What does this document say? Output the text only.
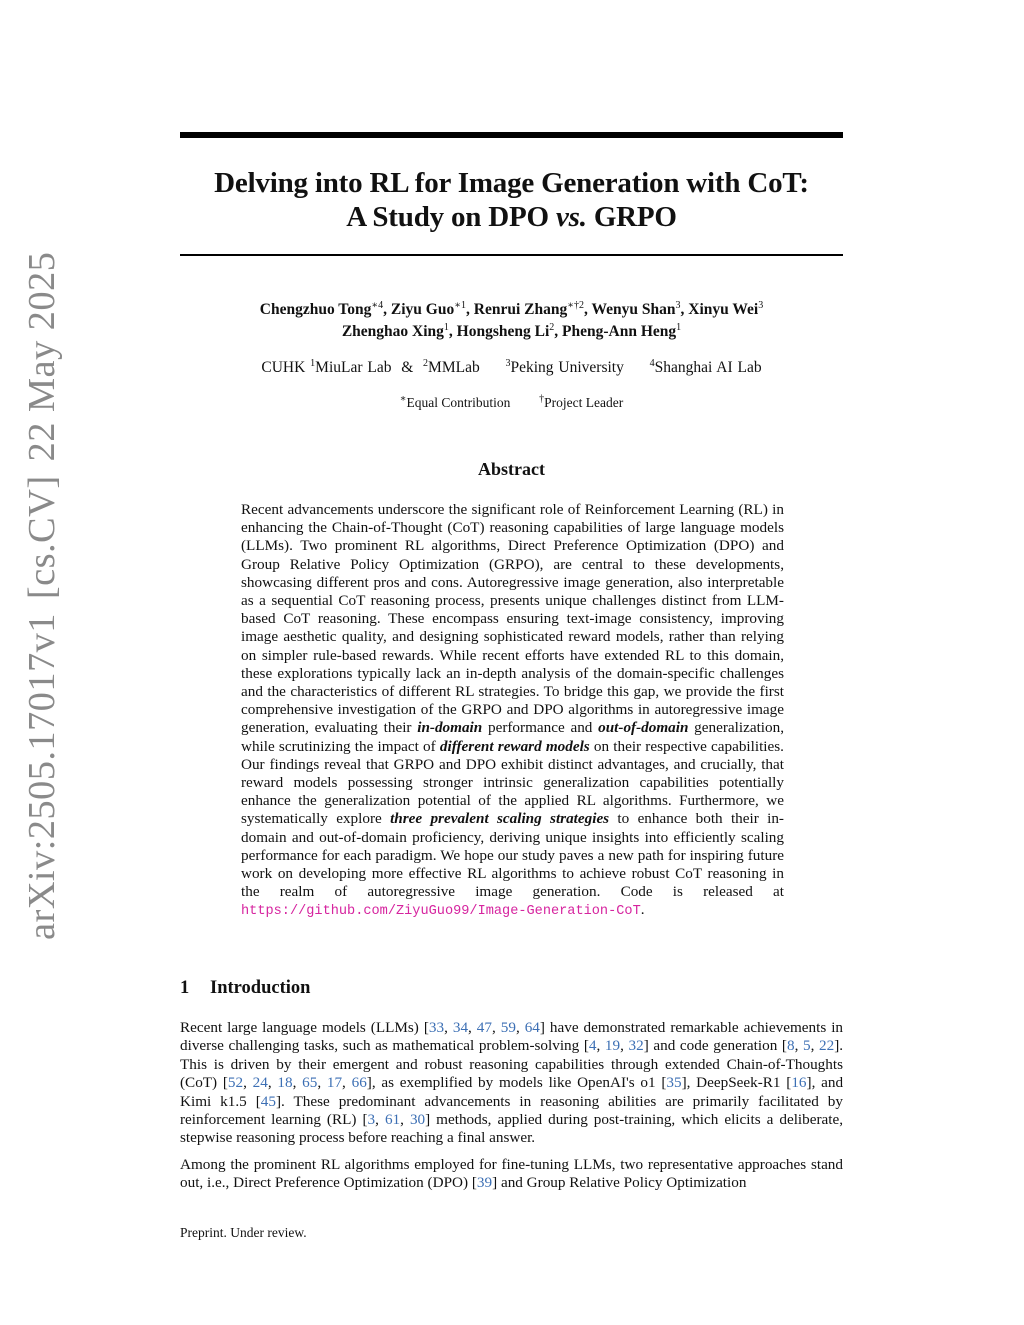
arXiv:2505.17017v1[cs.CV]22 May 2025
Delving into RL for Image Generation with CoT:
A Study on DPO vs. GRPO
Chengzhuo Tong$^{∗4}$, Ziyu Guo$^{∗1}$, Renrui Zhang$^{∗\dagger 2}$, Wenyu Shan$^3$, Xinyu Wei$^3$
Zhenghao Xing$^1$, Hongsheng Li$^2$, Pheng-Ann Heng$^1$
CUHK $^1$MiuLar Lab & $^2$MMLab	$^3$Peking University	$^4$Shanghai AI Lab
∗Equal Contribution	†Project Leader
Abstract
Recent advancements underscore the significant role of Reinforcement Learning (RL) in enhancing the Chain-of-Thought (CoT) reasoning capabilities of large language models (LLMs). Two prominent RL algorithms, Direct Preference Optimization (DPO) and Group Relative Policy Optimization (GRPO), are central to these developments, showcasing different pros and cons. Autoregressive image generation, also interpretable as a sequential CoT reasoning process, presents unique challenges distinct from LLM-based CoT reasoning. These encompass ensuring text-image consistency, improving image aesthetic quality, and designing sophisticated reward models, rather than relying on simpler rule-based rewards. While recent efforts have extended RL to this domain, these explorations typically lack an in-depth analysis of the domain-specific challenges and the characteristics of different RL strategies. To bridge this gap, we provide the first comprehensive investigation of the GRPO and DPO algorithms in autoregressive image generation, evaluating their in-domain performance and out-of-domain generalization, while scrutinizing the impact of different reward models on their respective capabilities. Our findings reveal that GRPO and DPO exhibit distinct advantages, and crucially, that reward models possessing stronger intrinsic generalization capabilities potentially enhance the generalization potential of the applied RL algorithms. Furthermore, we systematically explore three prevalent scaling strategies to enhance both their in-domain and out-of-domain proficiency, deriving unique insights into efficiently scaling performance for each paradigm. We hope our study paves a new path for inspiring future work on developing more effective RL algorithms to achieve robust CoT reasoning in the realm of autoregressive image generation. Code is released at https://github.com/ZiyuGuo99/Image-Generation-CoT.
1 Introduction
Recent large language models (LLMs) [33, 34, 47, 59, 64] have demonstrated remarkable achievements in diverse challenging tasks, such as mathematical problem-solving [4, 19, 32] and code generation [8, 5, 22]. This is driven by their emergent and robust reasoning capabilities through extended Chain-of-Thoughts (CoT) [52, 24, 18, 65, 17, 66], as exemplified by models like OpenAI's o1 [35], DeepSeek-R1 [16], and Kimi k1.5 [45]. These predominant advancements in reasoning abilities are primarily facilitated by reinforcement learning (RL) [3, 61, 30] methods, applied during post-training, which elicits a deliberate, stepwise reasoning process before reaching a final answer.
Among the prominent RL algorithms employed for fine-tuning LLMs, two representative approaches stand out, i.e., Direct Preference Optimization (DPO) [39] and Group Relative Policy Optimization
Preprint. Under review.
